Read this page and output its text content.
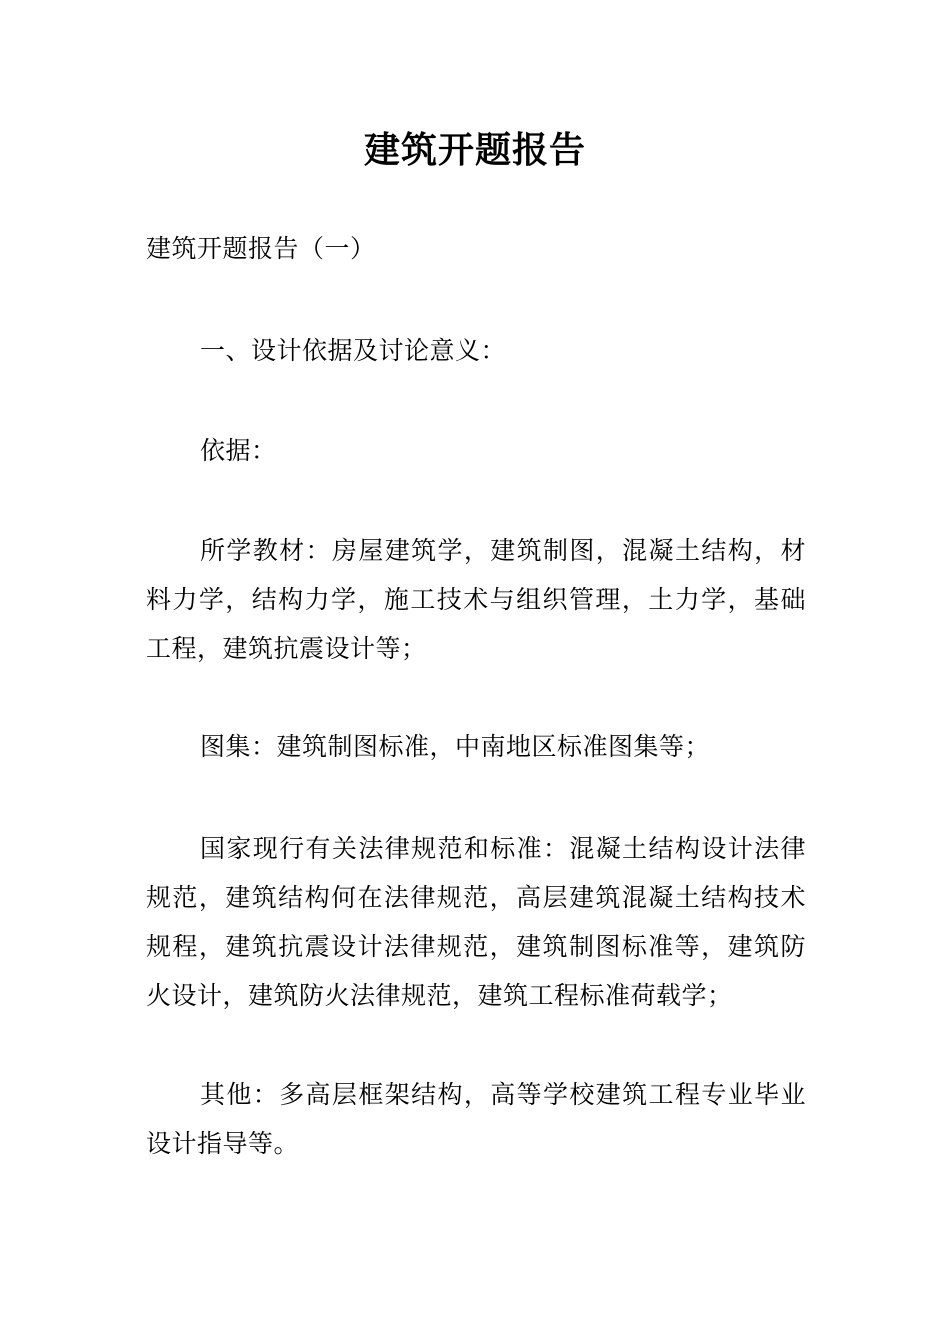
建筑开题报告

建筑开题报告（一）

一、设计依据及讨论意义：

依据：

所学教材：房屋建筑学，建筑制图，混凝土结构，材料力学，结构力学，施工技术与组织管理，土力学，基础工程，建筑抗震设计等；

图集：建筑制图标准，中南地区标准图集等；

国家现行有关法律规范和标准：混凝土结构设计法律规范，建筑结构何在法律规范，高层建筑混凝土结构技术规程，建筑抗震设计法律规范，建筑制图标准等，建筑防火设计，建筑防火法律规范，建筑工程标准荷载学；

其他：多高层框架结构，高等学校建筑工程专业毕业设计指导等。
